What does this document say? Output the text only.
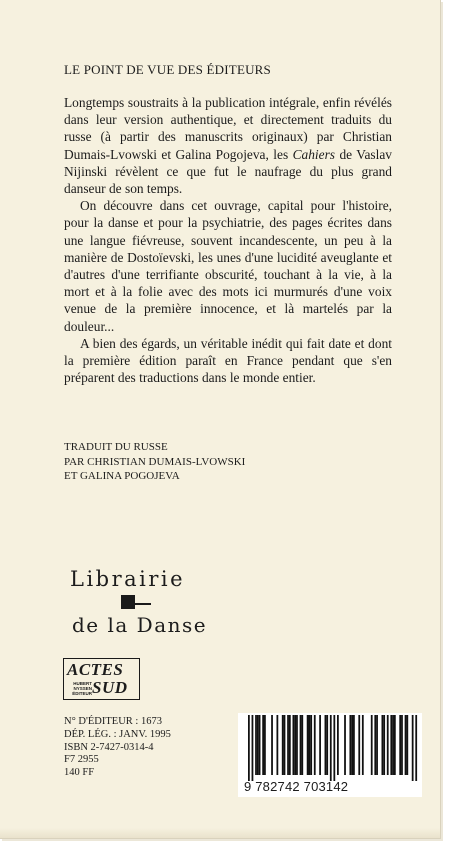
LE POINT DE VUE DES ÉDITEURS

Longtemps soustraits à la publication intégrale, enfin révélés dans leur version authentique, et directement traduits du russe (à partir des manuscrits originaux) par Christian Dumais-Lvowski et Galina Pogojeva, les Cahiers de Vaslav Nijinski révèlent ce que fut le naufrage du plus grand danseur de son temps.

On découvre dans cet ouvrage, capital pour l'histoire, pour la danse et pour la psychiatrie, des pages écrites dans une langue fiévreuse, souvent incandescente, un peu à la manière de Dostoïevski, les unes d'une lucidité aveuglante et d'autres d'une terrifiante obscurité, touchant à la vie, à la mort et à la folie avec des mots ici murmurés d'une voix venue de la première innocence, et là martelés par la douleur...

A bien des égards, un véritable inédit qui fait date et dont la première édition paraît en France pendant que s'en préparent des traductions dans le monde entier.

TRADUIT DU RUSSE
PAR CHRISTIAN DUMAIS-LVOWSKI
ET GALINA POGOJEVA
Librairie
de la Danse
ACTES
HUBERT
NYSSEN
ÉDITEUR SUD
N° D'ÉDITEUR : 1673
DÉP. LÉG. : JANV. 1995
ISBN 2-7427-0314-4
F7 2955
140 FF
9 782742 703142
